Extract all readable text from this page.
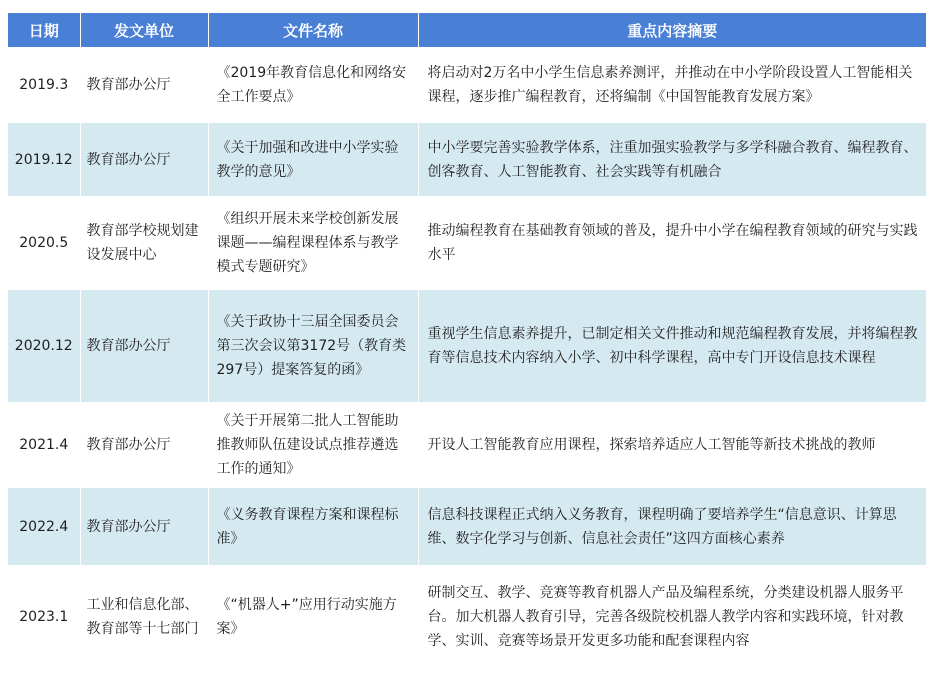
日期	发文单位	文件名称	重点内容摘要
2019.3	教育部办公厅	《2019年教育信息化和网络安全工作要点》	将启动对2万名中小学生信息素养测评，并推动在中小学阶段设置人工智能相关课程，逐步推广编程教育，还将编制《中国智能教育发展方案》
2019.12	教育部办公厅	《关于加强和改进中小学实验教学的意见》	中小学要完善实验教学体系，注重加强实验教学与多学科融合教育、编程教育、创客教育、人工智能教育、社会实践等有机融合
2020.5	教育部学校规划建设发展中心	《组织开展未来学校创新发展课题——编程课程体系与教学模式专题研究》	推动编程教育在基础教育领域的普及，提升中小学在编程教育领域的研究与实践水平
2020.12	教育部办公厅	《关于政协十三届全国委员会第三次会议第3172号（教育类297号）提案答复的函》	重视学生信息素养提升，已制定相关文件推动和规范编程教育发展，并将编程教育等信息技术内容纳入小学、初中科学课程，高中专门开设信息技术课程
2021.4	教育部办公厅	《关于开展第二批人工智能助推教师队伍建设试点推荐遴选工作的通知》	开设人工智能教育应用课程，探索培养适应人工智能等新技术挑战的教师
2022.4	教育部办公厅	《义务教育课程方案和课程标准》	信息科技课程正式纳入义务教育，课程明确了要培养学生“信息意识、计算思维、数字化学习与创新、信息社会责任”这四方面核心素养
2023.1	工业和信息化部、教育部等十七部门	《“机器人+”应用行动实施方案》	研制交互、教学、竞赛等教育机器人产品及编程系统，分类建设机器人服务平台。加大机器人教育引导，完善各级院校机器人教学内容和实践环境，针对教学、实训、竞赛等场景开发更多功能和配套课程内容
